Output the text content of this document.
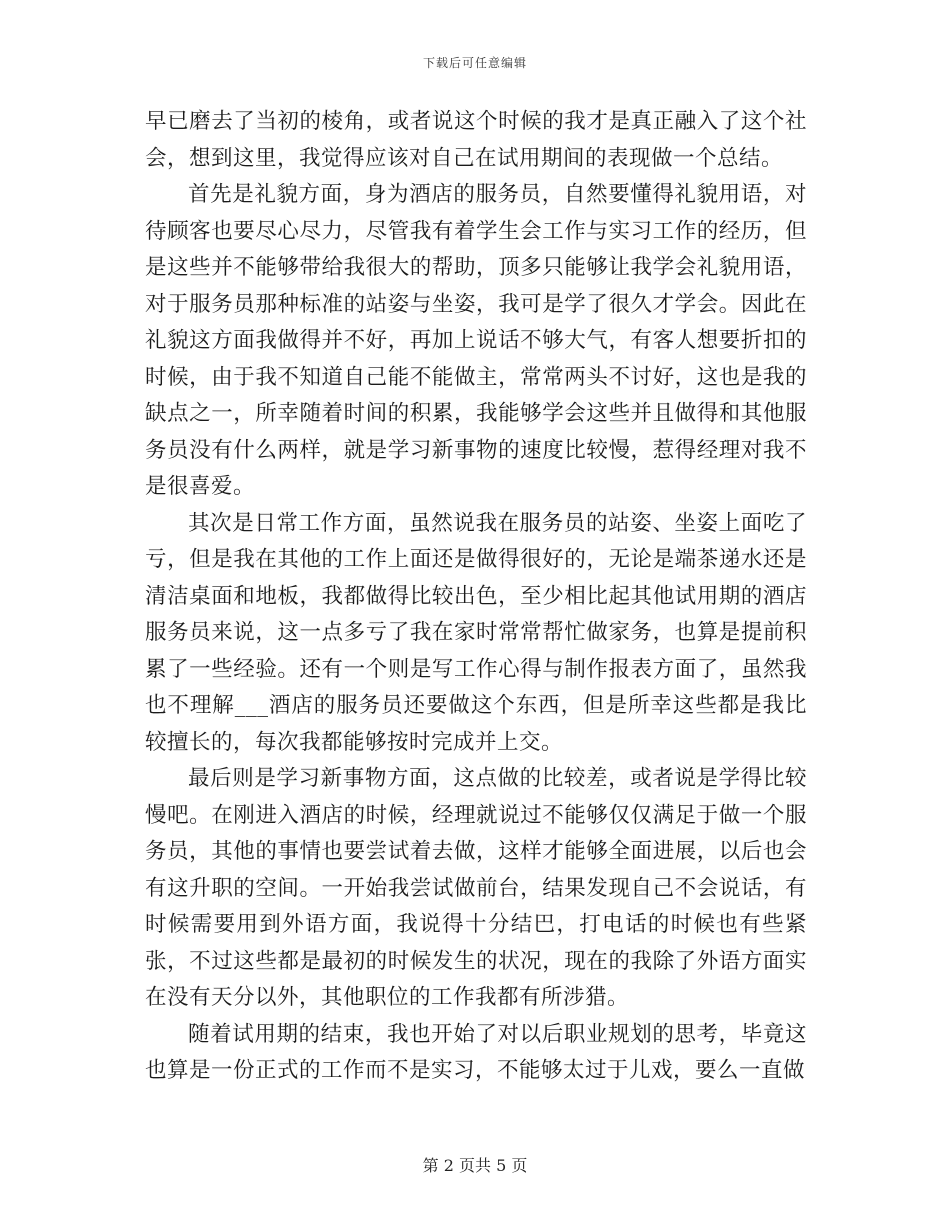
下载后可任意编辑

早已磨去了当初的棱角，或者说这个时候的我才是真正融入了这个社会，想到这里，我觉得应该对自己在试用期间的表现做一个总结。

首先是礼貌方面，身为酒店的服务员，自然要懂得礼貌用语，对待顾客也要尽心尽力，尽管我有着学生会工作与实习工作的经历，但是这些并不能够带给我很大的帮助，顶多只能够让我学会礼貌用语，对于服务员那种标准的站姿与坐姿，我可是学了很久才学会。因此在礼貌这方面我做得并不好，再加上说话不够大气，有客人想要折扣的时候，由于我不知道自己能不能做主，常常两头不讨好，这也是我的缺点之一，所幸随着时间的积累，我能够学会这些并且做得和其他服务员没有什么两样，就是学习新事物的速度比较慢，惹得经理对我不是很喜爱。

其次是日常工作方面，虽然说我在服务员的站姿、坐姿上面吃了亏，但是我在其他的工作上面还是做得很好的，无论是端茶递水还是清洁桌面和地板，我都做得比较出色，至少相比起其他试用期的酒店服务员来说，这一点多亏了我在家时常常帮忙做家务，也算是提前积累了一些经验。还有一个则是写工作心得与制作报表方面了，虽然我也不理解___酒店的服务员还要做这个东西，但是所幸这些都是我比较擅长的，每次我都能够按时完成并上交。

最后则是学习新事物方面，这点做的比较差，或者说是学得比较慢吧。在刚进入酒店的时候，经理就说过不能够仅仅满足于做一个服务员，其他的事情也要尝试着去做，这样才能够全面进展，以后也会有这升职的空间。一开始我尝试做前台，结果发现自己不会说话，有时候需要用到外语方面，我说得十分结巴，打电话的时候也有些紧张，不过这些都是最初的时候发生的状况，现在的我除了外语方面实在没有天分以外，其他职位的工作我都有所涉猎。

随着试用期的结束，我也开始了对以后职业规划的思考，毕竟这也算是一份正式的工作而不是实习，不能够太过于儿戏，要么一直做

第 2 页共 5 页
